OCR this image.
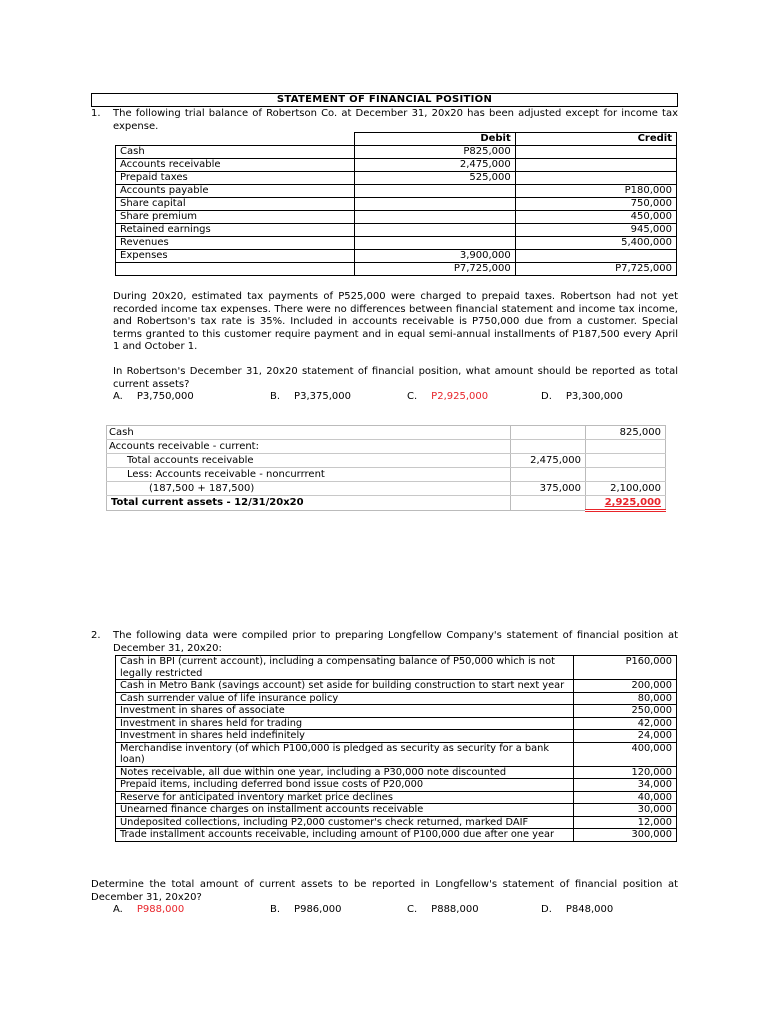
STATEMENT OF FINANCIAL POSITION
1. The following trial balance of Robertson Co. at December 31, 20x20 has been adjusted except for income tax expense.
	Debit	Credit
Cash	P825,000	
Accounts receivable	2,475,000	
Prepaid taxes	525,000	
Accounts payable		P180,000
Share capital		750,000
Share premium		450,000
Retained earnings		945,000
Revenues		5,400,000
Expenses	3,900,000	
	P7,725,000	P7,725,000
During 20x20, estimated tax payments of P525,000 were charged to prepaid taxes. Robertson had not yet recorded income tax expenses. There were no differences between financial statement and income tax income, and Robertson's tax rate is 35%. Included in accounts receivable is P750,000 due from a customer. Special terms granted to this customer require payment and in equal semi-annual installments of P187,500 every April 1 and October 1.
In Robertson's December 31, 20x20 statement of financial position, what amount should be reported as total current assets?
A. P3,750,000	B. P3,375,000	C. P2,925,000	D. P3,300,000
Cash		825,000
Accounts receivable - current:		
Total accounts receivable	2,475,000	
Less: Accounts receivable - noncurrrent		
(187,500 + 187,500)	375,000	2,100,000
Total current assets - 12/31/20x20		2,925,000
2. The following data were compiled prior to preparing Longfellow Company's statement of financial position at December 31, 20x20:
Cash in BPI (current account), including a compensating balance of P50,000 which is not legally restricted	P160,000
Cash in Metro Bank (savings account) set aside for building construction to start next year	200,000
Cash surrender value of life insurance policy	80,000
Investment in shares of associate	250,000
Investment in shares held for trading	42,000
Investment in shares held indefinitely	24,000
Merchandise inventory (of which P100,000 is pledged as security as security for a bank loan)	400,000
Notes receivable, all due within one year, including a P30,000 note discounted	120,000
Prepaid items, including deferred bond issue costs of P20,000	34,000
Reserve for anticipated inventory market price declines	40,000
Unearned finance charges on installment accounts receivable	30,000
Undeposited collections, including P2,000 customer's check returned, marked DAIF	12,000
Trade installment accounts receivable, including amount of P100,000 due after one year	300,000
Determine the total amount of current assets to be reported in Longfellow's statement of financial position at December 31, 20x20?
A. P988,000	B. P986,000	C. P888,000	D. P848,000
